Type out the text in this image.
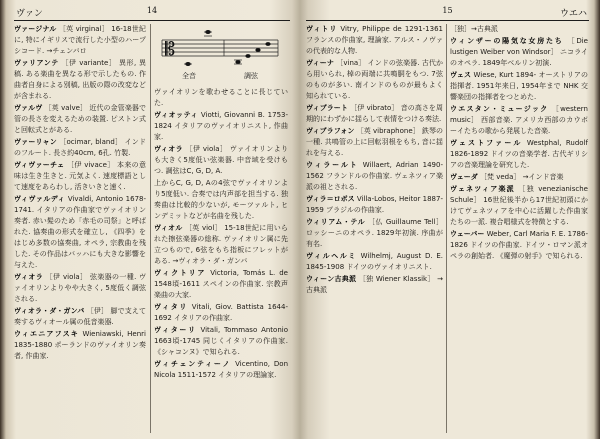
ヴァン	14
ヴァージナル ［英 virginal］ 16-18世紀に, 特にイギリスで流行した小型のハープシコード. →チェンバロ
ヴァリアンテ ［伊 variante］ 異形, 異稿. ある楽曲を異なる形で示したもの. 作曲者自身による別稿, 出版の際の改変などが含まれる.
ヴァルヴ ［英 valve］ 近代の金管楽器で管の長さを変えるための装置. ピストン式と回転式とがある.
ヴァーリャン ［ocimar, bland］ インドのフルート. 長さ約40cm, 6孔. 竹製.
ヴィヴァーチェ ［伊 vivace］ 本来の意味は生き生きと. 元気よく. 速度標語として速度をあらわし, 活きいきと速く.
ヴィヴァルディ Vivaldi, Antonio 1678-1741. イタリアの作曲家でヴァイオリン奏者. 赤い髪のため「赤毛の司祭」と呼ばれた. 協奏曲の形式を確立し, 《四季》をはじめ多数の協奏曲, オペラ, 宗教曲を残した. その作品はバッハにも大きな影響を与えた.
ヴィオラ ［伊 viola］ 弦楽器の一種. ヴァイオリンよりやや大きく, 5度低く調弦される.
ヴィオラ・ダ・ガンバ ［伊］ 脚で支えて奏するヴィオール属の低音楽器.
ウィエニアフスキ Wieniawski, Henri 1835-1880 ポーランドのヴァイオリン奏者, 作曲家.
𝄡
全音	調弦
ヴァイオリンを歌わせることに長じていた.
ヴィオッティ Viotti, Giovanni B. 1753-1824 イタリアのヴァイオリニスト, 作曲家.
ヴィオラ ［伊 viola］ ヴァイオリンよりも大きく5度低い弦楽器. 中音域を受けもつ. 調弦はC, G, D, A.
上からC, G, D, Aの4弦でヴァイオリンより5度低い. 合奏では内声部を担当する. 独奏曲は比較的少ないが, モーツァルト, ヒンデミットなどが名曲を残した.
ヴィオル ［英 viol］ 15-18世紀に用いられた擦弦楽器の総称. ヴァイオリン属に先立つもので, 6弦をもち指板にフレットがある. →ヴィオラ・ダ・ガンバ
ヴィクトリア Victoria, Tomás L. de 1548頃-1611 スペインの作曲家. 宗教声楽曲の大家.
ヴィタリ Vitali, Giov. Battista 1644-1692 イタリアの作曲家.
ヴィターリ Vitali, Tommaso Antonio 1663頃-1745 同じくイタリアの作曲家. 《シャコンヌ》で知られる.
ヴィチェンティーノ Vicentino, Don Nicola 1511-1572 イタリアの理論家.
15	ウエハ
ヴィトリ Vitry, Philippe de 1291-1361 フランスの作曲家, 理論家. アルス・ノヴァの代表的な人物.
ヴィーナ ［vina］ インドの弦楽器. 古代から用いられ, 棹の両端に共鳴胴をもつ. 7弦のものが多い. 南インドのものが最もよく知られている.
ヴィブラート ［伊 vibrato］ 音の高さを周期的にわずかに揺らして表情をつける奏法.
ヴィブラフォン ［英 vibraphone］ 鉄琴の一種. 共鳴管の上に回転羽根をもち, 音に揺れを与える.
ウィラールト Willaert, Adrian 1490-1562 フランドルの作曲家. ヴェネツィア楽派の祖とされる.
ヴィラ＝ロボス Villa-Lobos, Heitor 1887-1959 ブラジルの作曲家.
ウィリアム・テル ［仏 Guillaume Tell］ ロッシーニのオペラ. 1829年初演. 序曲が有名.
ヴィルヘルミ Wilhelmj, August D. E. 1845-1908 ドイツのヴァイオリニスト.
ウィーン古典派 ［独 Wiener Klassik］ →古典派
［独］→古典派
ウィンザーの陽気な女房たち ［Die lustigen Weiber von Windsor］ ニコライのオペラ. 1849年ベルリン初演.
ヴェス Wiese, Kurt 1894- オーストリアの指揮者. 1951年来日, 1954年まで NHK 交響楽団の指揮者をつとめた.
ウエスタン・ミュージック ［western music］ 西部音楽. アメリカ西部のカウボーイたちの歌から発展した音楽.
ヴェストファール Westphal, Rudolf 1826-1892 ドイツの音楽学者. 古代ギリシアの音楽理論を研究した.
ヴェーダ ［梵 veda］ →インド音楽
ヴェネツィア楽派 ［独 venezianische Schule］ 16世紀後半から17世紀初頭にかけてヴェネツィアを中心に活躍した作曲家たちの一派. 複合唱様式を特徴とする.
ウェーバー Weber, Carl Maria F. E. 1786-1826 ドイツの作曲家. ドイツ・ロマン派オペラの創始者. 《魔弾の射手》で知られる.
